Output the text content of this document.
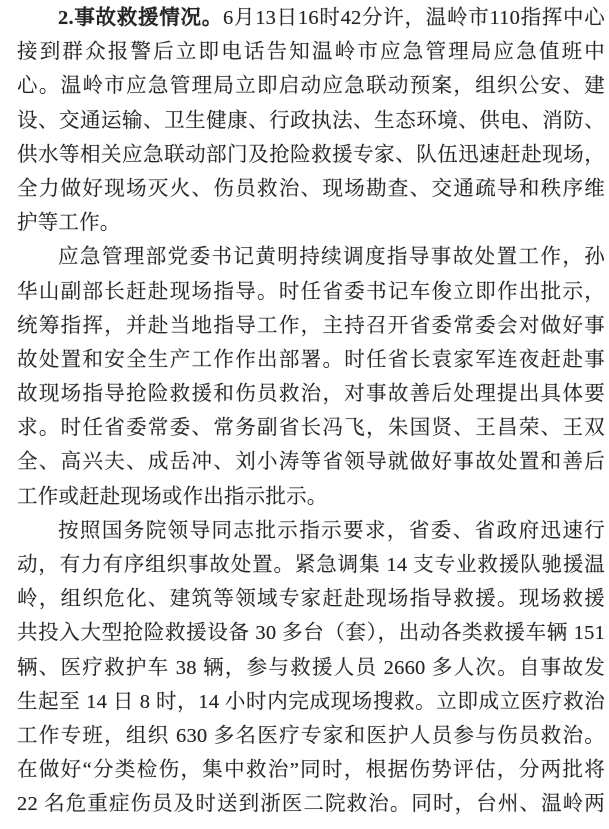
2.事故救援情况。6月13日16时42分许，温岭市110指挥中心
接到群众报警后立即电话告知温岭市应急管理局应急值班中
心。温岭市应急管理局立即启动应急联动预案，组织公安、建
设、交通运输、卫生健康、行政执法、生态环境、供电、消防、
供水等相关应急联动部门及抢险救援专家、队伍迅速赶赴现场，
全力做好现场灭火、伤员救治、现场勘查、交通疏导和秩序维
护等工作。
应急管理部党委书记黄明持续调度指导事故处置工作，孙
华山副部长赶赴现场指导。时任省委书记车俊立即作出批示，
统筹指挥，并赴当地指导工作，主持召开省委常委会对做好事
故处置和安全生产工作作出部署。时任省长袁家军连夜赶赴事
故现场指导抢险救援和伤员救治，对事故善后处理提出具体要
求。时任省委常委、常务副省长冯飞，朱国贤、王昌荣、王双
全、高兴夫、成岳冲、刘小涛等省领导就做好事故处置和善后
工作或赶赴现场或作出指示批示。
按照国务院领导同志批示指示要求，省委、省政府迅速行
动，有力有序组织事故处置。紧急调集 14 支专业救援队驰援温
岭，组织危化、建筑等领域专家赶赴现场指导救援。现场救援
共投入大型抢险救援设备 30 多台（套），出动各类救援车辆 151
辆、医疗救护车 38 辆，参与救援人员 2660 多人次。自事故发
生起至 14 日 8 时，14 小时内完成现场搜救。立即成立医疗救治
工作专班，组织 630 多名医疗专家和医护人员参与伤员救治。
在做好“分类检伤，集中救治”同时，根据伤势评估，分两批将
22 名危重症伤员及时送到浙医二院救治。同时，台州、温岭两
